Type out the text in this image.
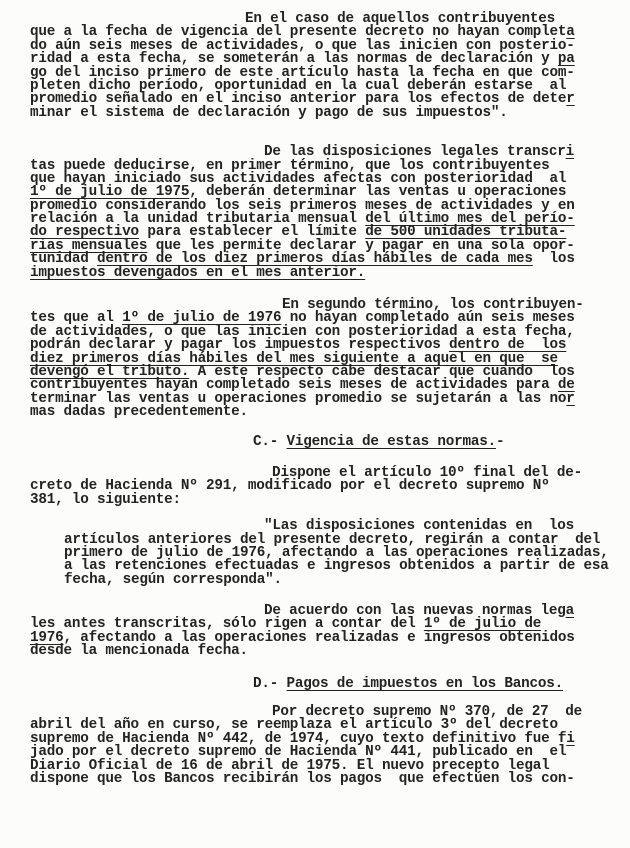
En el caso de aquellos contribuyentes
que a la fecha de vigencia del presente decreto no hayan completa
do aún seis meses de actividades, o que las inicien con posterio-
ridad a esta fecha, se someterán a las normas de declaración y pa
go del inciso primero de este artículo hasta la fecha en que com-
pleten dicho período, oportunidad en la cual deberán estarse  al
promedio señalado en el inciso anterior para los efectos de deter
minar el sistema de declaración y pago de sus impuestos".
De las disposiciones legales transcri
tas puede deducirse, en primer término, que los contribuyentes
que hayan iniciado sus actividades afectas con posterioridad  al
1º de julio de 1975, deberán determinar las ventas u operaciones
promedio considerando los seis primeros meses de actividades y en
relación a la unidad tributaria mensual del último mes del perío-
do respectivo para establecer el límite de 500 unidades tributa-
rias mensuales que les permite declarar y pagar en una sola opor-
tunidad dentro de los diez primeros días hábiles de cada mes  los
impuestos devengados en el mes anterior.
En segundo término, los contribuyen-
tes que al 1º de julio de 1976 no hayan completado aún seis meses
de actividades, o que las inicien con posterioridad a esta fecha,
podrán declarar y pagar los impuestos respectivos dentro de  los
diez primeros días hábiles del mes siguiente a aquel en que  se
devengó el tributo. A este respecto cabe destacar que cuando  los
contribuyentes hayan completado seis meses de actividades para de
terminar las ventas u operaciones promedio se sujetarán a las nor
mas dadas precedentemente.
C.- Vigencia de estas normas.-
Dispone el artículo 10º final del de-
creto de Hacienda Nº 291, modificado por el decreto supremo Nº
381, lo siguiente:
"Las disposiciones contenidas en  los
artículos anteriores del presente decreto, regirán a contar  del
primero de julio de 1976, afectando a las operaciones realizadas,
a las retenciones efectuadas e ingresos obtenidos a partir de esa
fecha, según corresponda".
De acuerdo con las nuevas normas lega
les antes transcritas, sólo rigen a contar del 1º de julio de
1976, afectando a las operaciones realizadas e ingresos obtenidos
desde la mencionada fecha.
D.- Pagos de impuestos en los Bancos.
Por decreto supremo Nº 370, de 27  de
abril del año en curso, se reemplaza el artículo 3º del decreto
supremo de Hacienda Nº 442, de 1974, cuyo texto definitivo fue fi
jado por el decreto supremo de Hacienda Nº 441, publicado en  el
Diario Oficial de 16 de abril de 1975. El nuevo precepto legal
dispone que los Bancos recibirán los pagos  que efectúen los con-
